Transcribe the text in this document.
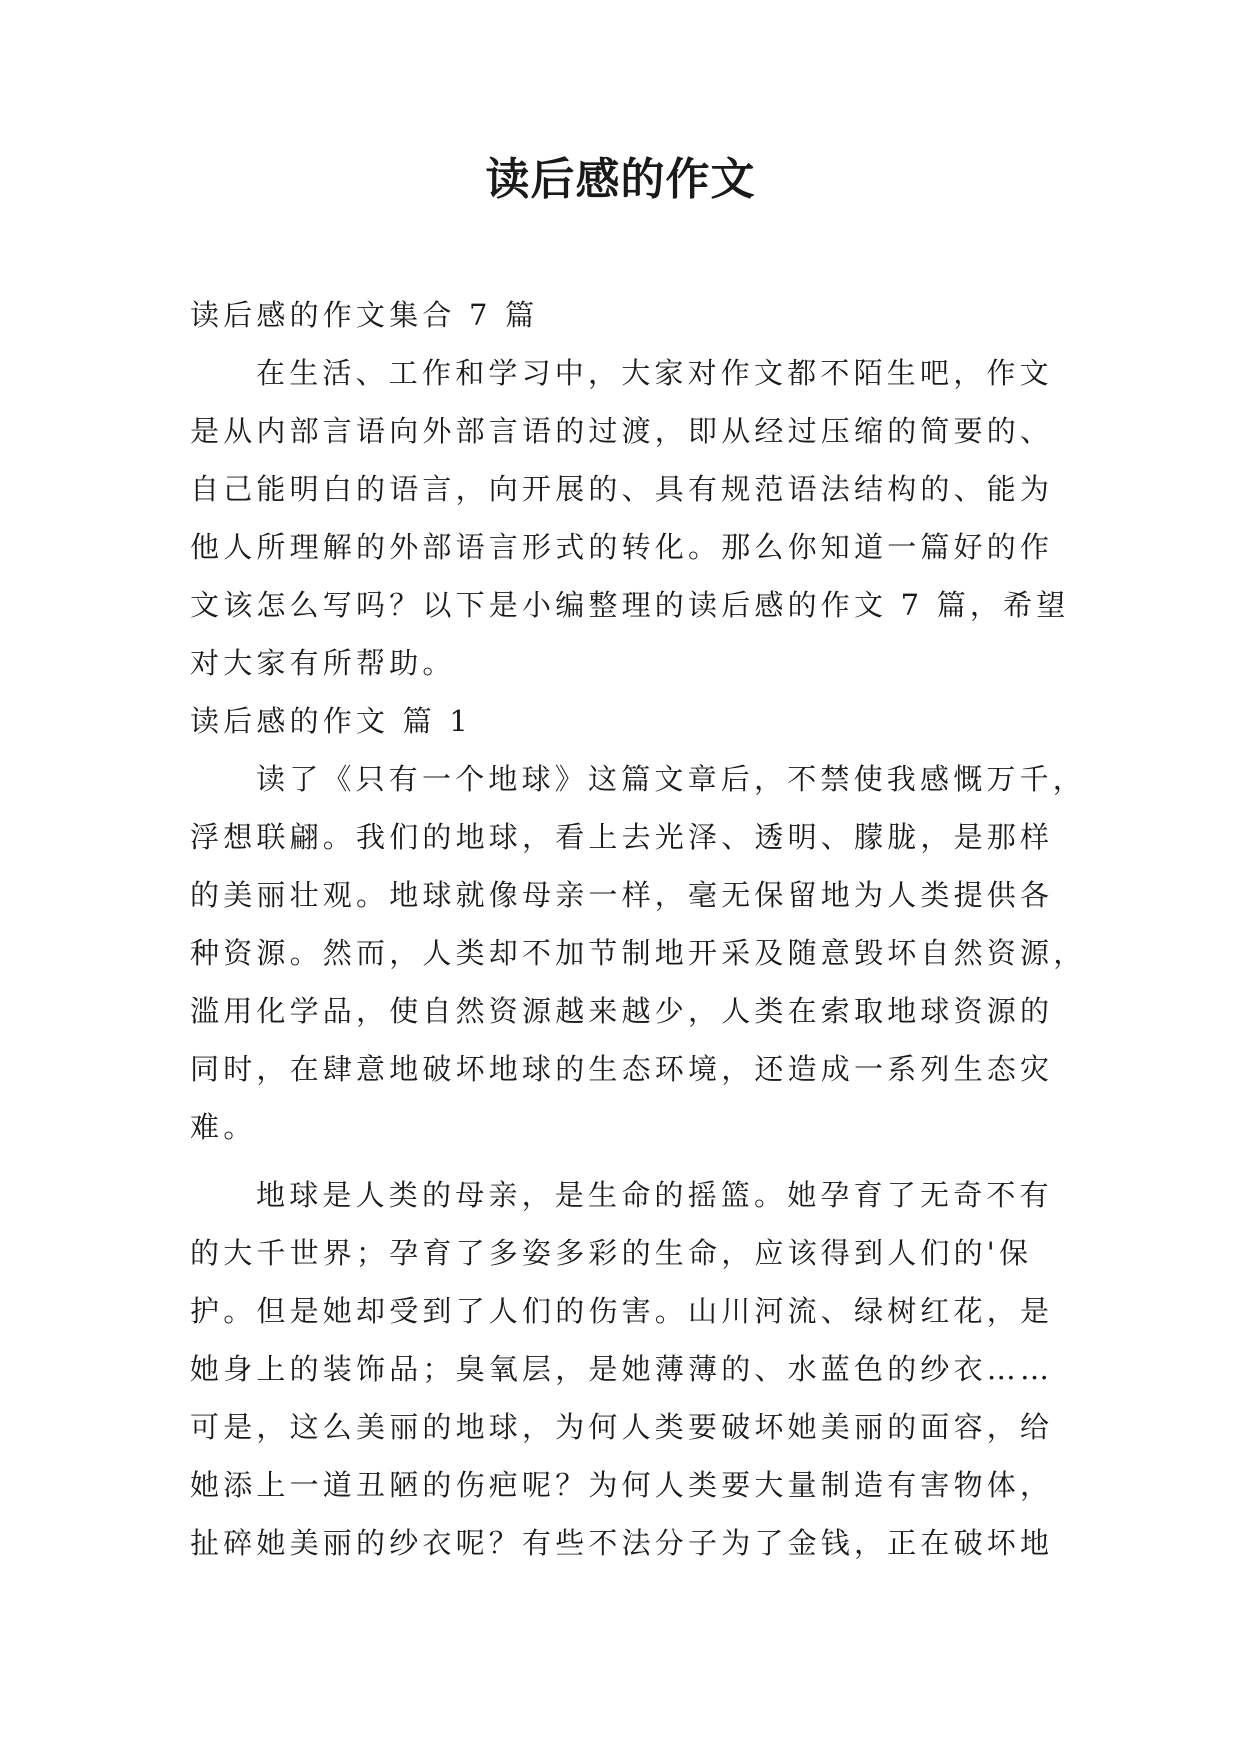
读后感的作文

读后感的作文集合 7 篇

在生活、工作和学习中，大家对作文都不陌生吧，作文

是从内部言语向外部言语的过渡，即从经过压缩的简要的、

自己能明白的语言，向开展的、具有规范语法结构的、能为

他人所理解的外部语言形式的转化。那么你知道一篇好的作

文该怎么写吗？以下是小编整理的读后感的作文 7 篇，希望

对大家有所帮助。

读后感的作文 篇 1

读了《只有一个地球》这篇文章后，不禁使我感慨万千，

浮想联翩。我们的地球，看上去光泽、透明、朦胧，是那样

的美丽壮观。地球就像母亲一样，毫无保留地为人类提供各

种资源。然而，人类却不加节制地开采及随意毁坏自然资源，

滥用化学品，使自然资源越来越少，人类在索取地球资源的

同时，在肆意地破坏地球的生态环境，还造成一系列生态灾

难。

地球是人类的母亲，是生命的摇篮。她孕育了无奇不有

的大千世界；孕育了多姿多彩的生命，应该得到人们的'保

护。但是她却受到了人们的伤害。山川河流、绿树红花，是

她身上的装饰品；臭氧层，是她薄薄的、水蓝色的纱衣……

可是，这么美丽的地球，为何人类要破坏她美丽的面容，给

她添上一道丑陋的伤疤呢？为何人类要大量制造有害物体，

扯碎她美丽的纱衣呢？有些不法分子为了金钱，正在破坏地
